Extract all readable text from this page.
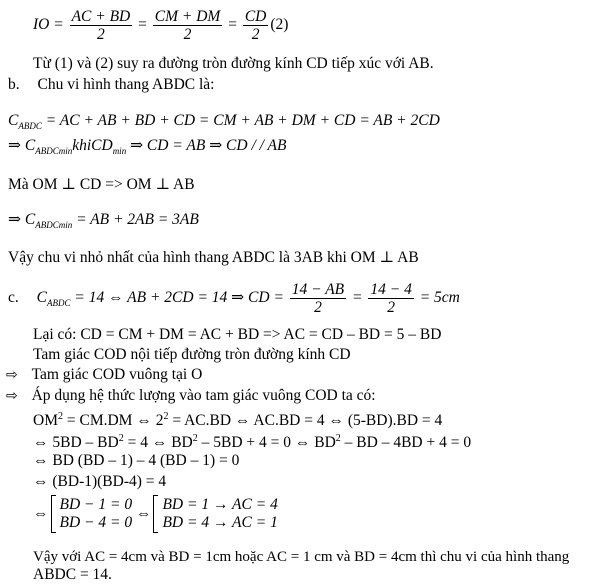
IO = $\frac{AC + BD}{2} = \frac{CM + DM}{2} = \frac{CD}{2} (2)$
Từ (1) và (2) suy ra đường tròn đường kính CD tiếp xúc với AB.
b. Chu vi hình thang ABDC là:
$C_{ABDC}$ = AC + AB + BD + CD = CM + AB + DM + CD = AB + 2CD
⇒ $C_{ABDCmin}khiCD_{min}$ ⇒ CD = AB ⇒ CD / / AB
Mà OM ⊥ CD => OM ⊥ AB
⇒ $C_{ABDCmin}$ = AB + 2AB = 3AB
Vậy chu vi nhỏ nhất của hình thang ABDC là 3AB khi OM ⊥ AB
c. $C_{ABDC} = 14$ ⇔ AB + 2CD = 14 ⇒ CD = $\frac{14 - AB}{2} = \frac{14 - 4}{2} = 5cm$
Lại có: CD = CM + DM = AC + BD => AC = CD – BD = 5 – BD
Tam giác COD nội tiếp đường tròn đường kính CD
⇨ Tam giác COD vuông tại O
⇨ Áp dụng hệ thức lượng vào tam giác vuông COD ta có:
$OM^2 = CM.DM$ ⇔ $2^2 = AC.BD$ ⇔ AC.BD = 4 ⇔ (5-BD).BD = 4
⇔ $5BD - BD^2 = 4$ ⇔ $BD^2 - 5BD + 4 = 0$ ⇔ $BD^2$ – BD – 4BD + 4 = 0
⇔ BD (BD – 1) – 4 (BD – 1) = 0
⇔ (BD-1)(BD-4) = 4
⇔
BD − 1 = 0
BD − 4 = 0
⇔
BD = 1 → AC = 4
BD = 4 → AC = 1
Vậy với AC = 4cm và BD = 1cm hoặc AC = 1 cm và BD = 4cm thì chu vi của hình thang
ABDC = 14.
